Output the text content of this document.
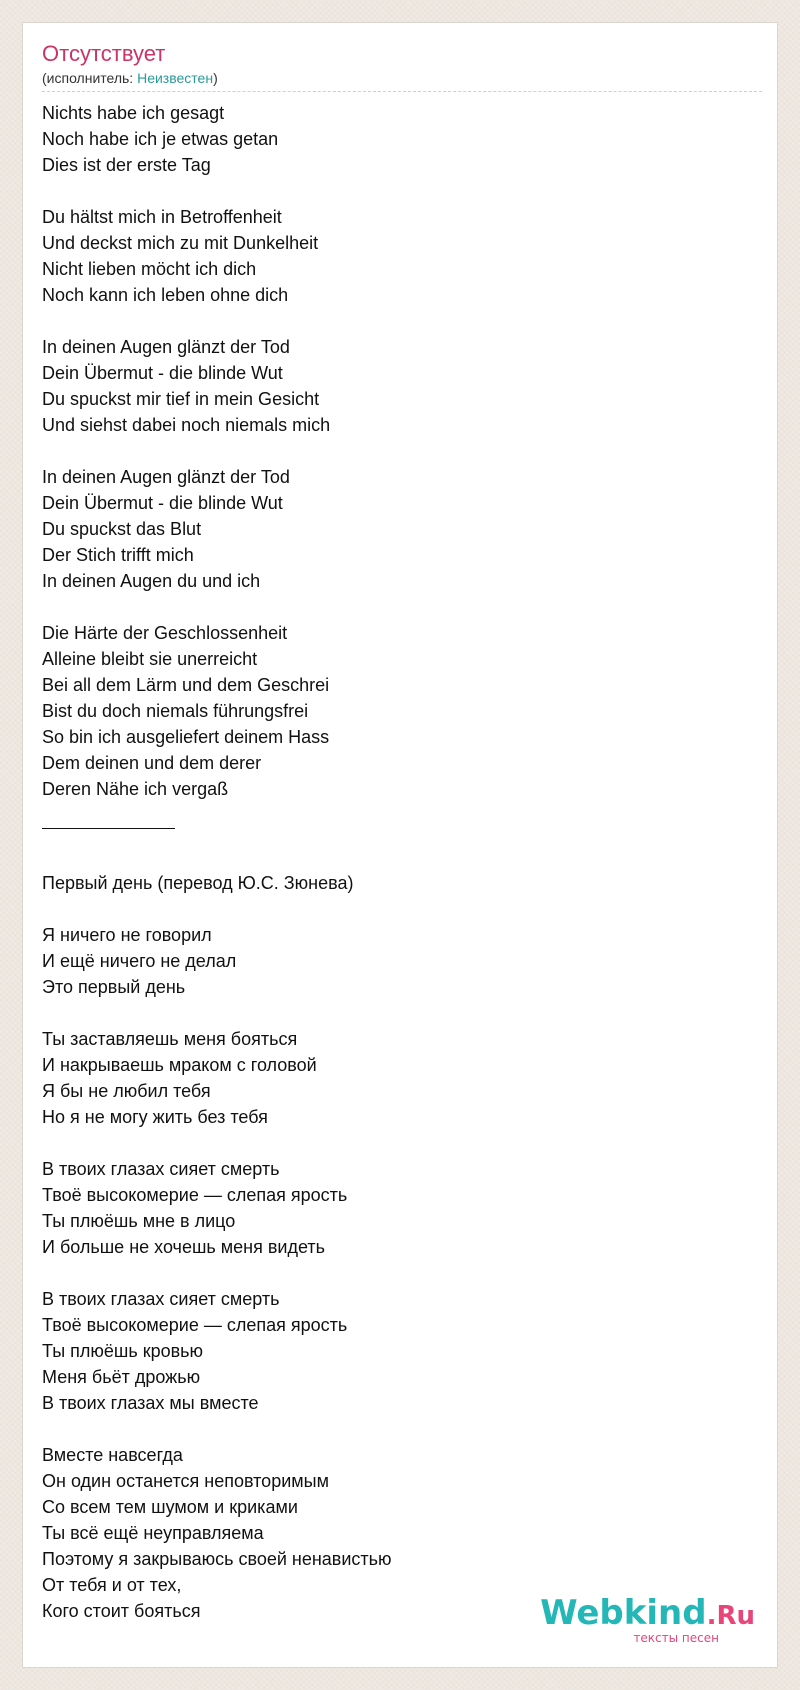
Отсутствует
(исполнитель: Неизвестен)
Nichts habe ich gesagt
Noch habe ich je etwas getan
Dies ist der erste Tag
Du hältst mich in Betroffenheit
Und deckst mich zu mit Dunkelheit
Nicht lieben möcht ich dich
Noch kann ich leben ohne dich
In deinen Augen glänzt der Tod
Dein Übermut - die blinde Wut
Du spuckst mir tief in mein Gesicht
Und siehst dabei noch niemals mich
In deinen Augen glänzt der Tod
Dein Übermut - die blinde Wut
Du spuckst das Blut
Der Stich trifft mich
In deinen Augen du und ich
Die Härte der Geschlossenheit
Alleine bleibt sie unerreicht
Bei all dem Lärm und dem Geschrei
Bist du doch niemals führungsfrei
So bin ich ausgeliefert deinem Hass
Dem deinen und dem derer
Deren Nähe ich vergaß
Первый день (перевод Ю.С. Зюнева)
Я ничего не говорил
И ещё ничего не делал
Это первый день
Ты заставляешь меня бояться
И накрываешь мраком с головой
Я бы не любил тебя
Но я не могу жить без тебя
В твоих глазах сияет смерть
Твоё высокомерие — слепая ярость
Ты плюёшь мне в лицо
И больше не хочешь меня видеть
В твоих глазах сияет смерть
Твоё высокомерие — слепая ярость
Ты плюёшь кровью
Меня бьёт дрожью
В твоих глазах мы вместе
Вместе навсегда
Он один останется неповторимым
Со всем тем шумом и криками
Ты всё ещё неуправляема
Поэтому я закрываюсь своей ненавистью
От тебя и от тех,
Кого стоит бояться	Webkind.Ru
тексты песен
